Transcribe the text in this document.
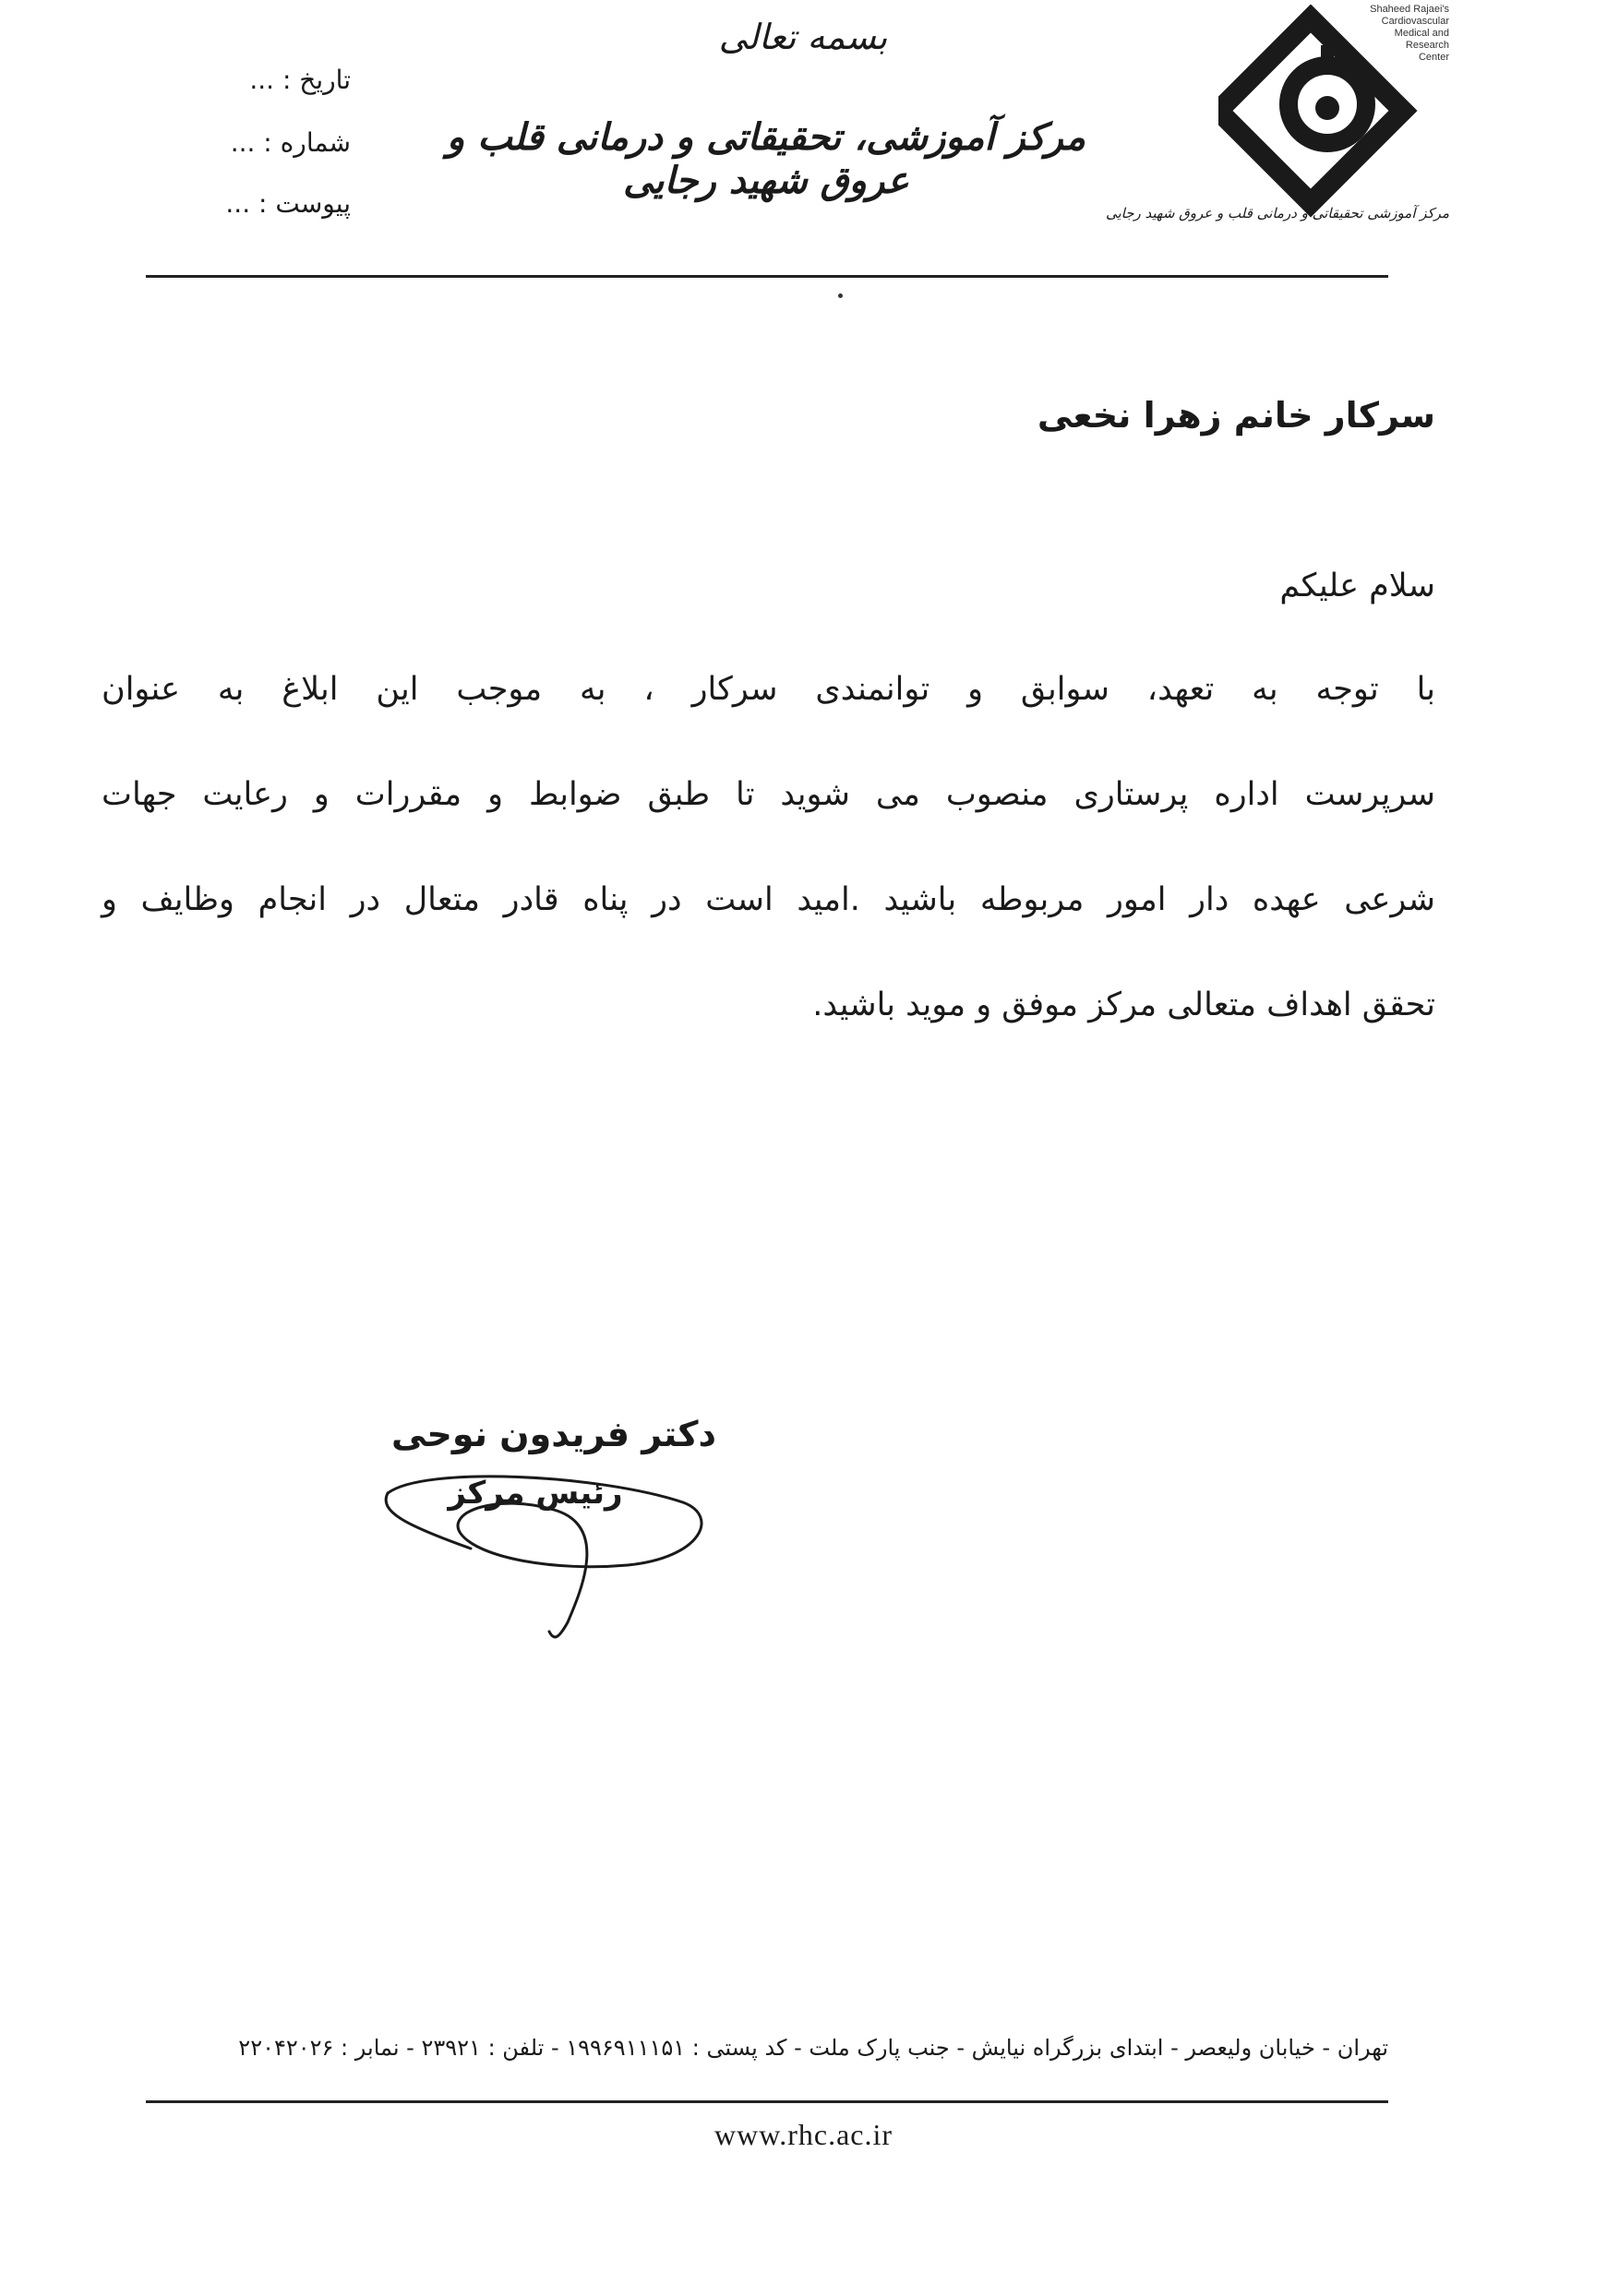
بسمه تعالی
مرکز آموزشی، تحقیقاتی و درمانی قلب و عروق شهید رجایی
تاریخ : ...
شماره : ...
پیوست : ...
Shaheed Rajaei's
Cardiovascular
Medical and
Research
Center
مرکز آموزشی تحقیقاتی و درمانی قلب و عروق شهید رجایی
سرکار خانم زهرا نخعی
سلام علیکم
با توجه به تعهد، سوابق و توانمندی سرکار ، به موجب این ابلاغ به عنوان
سرپرست اداره پرستاری منصوب می شوید تا طبق ضوابط و مقررات و رعایت جهات
شرعی عهده دار امور مربوطه باشید .امید است در پناه قادر متعال در انجام وظایف و
تحقق اهداف متعالی مرکز موفق و موید باشید.
دکتر فریدون نوحی
رئیس مرکز
تهران - خیابان ولیعصر - ابتدای بزرگراه نیایش - جنب پارک ملت - کد پستی : ۱۹۹۶۹۱۱۱۵۱ - تلفن : ۲۳۹۲۱ - نمابر : ۲۲۰۴۲۰۲۶
www.rhc.ac.ir
